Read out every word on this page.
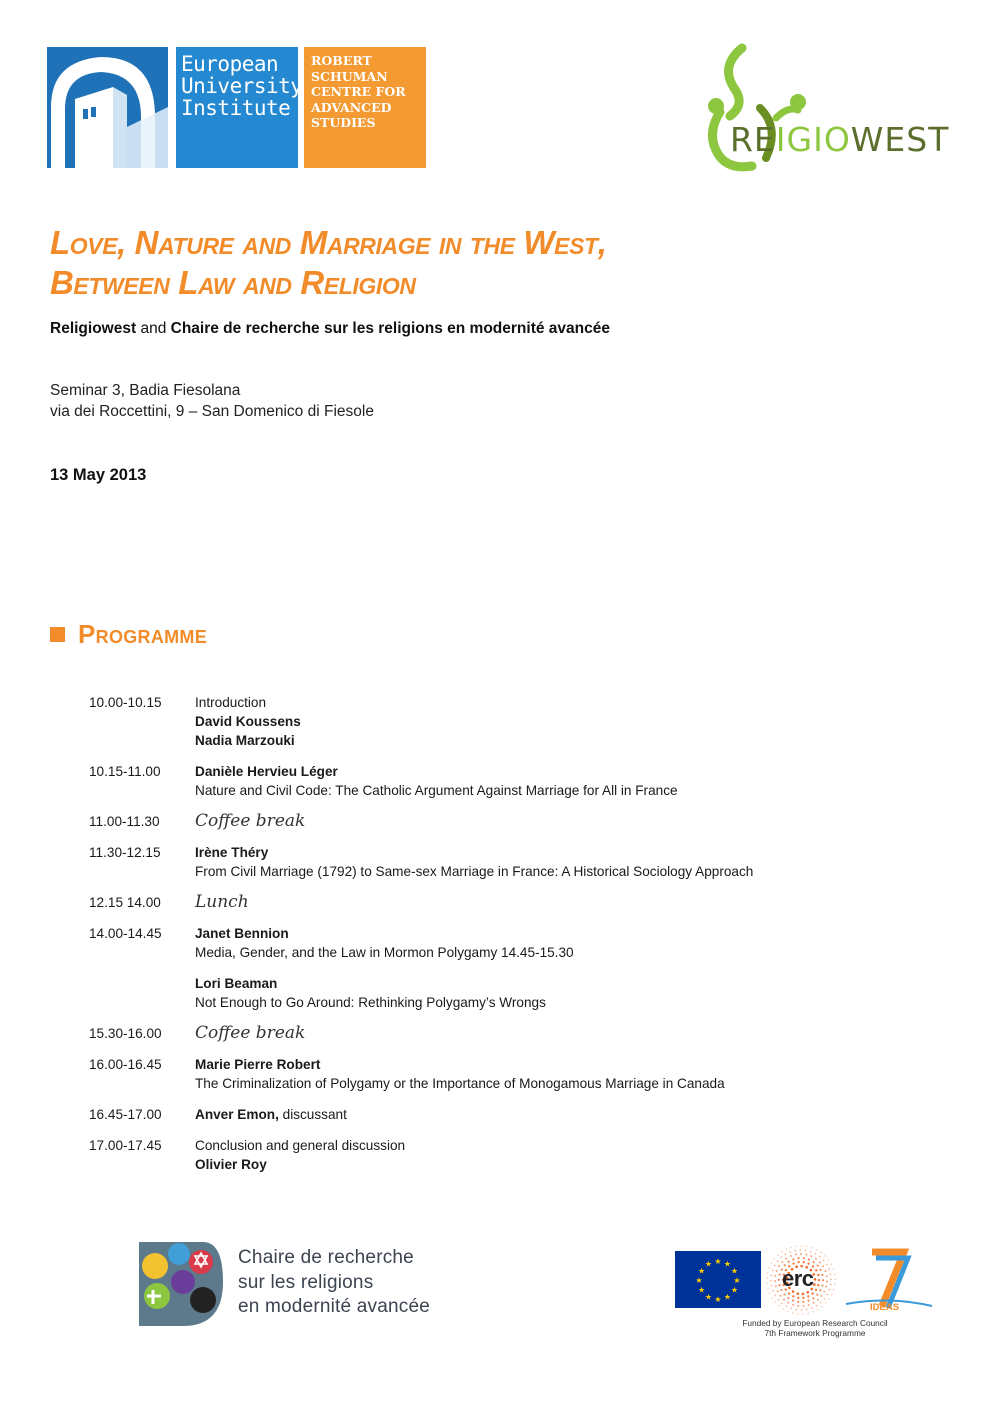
European
University
Institute
ROBERT
SCHUMAN
CENTRE FOR
ADVANCED
STUDIES	REIGIOWEST
Love, Nature and Marriage in the West,
Between Law and Religion
Religiowest and Chaire de recherche sur les religions en modernité avancée
Seminar 3, Badia Fiesolana
via dei Roccettini, 9 – San Domenico di Fiesole
13 May 2013
Programme
10.00-10.15	Introduction
David Koussens
Nadia Marzouki
10.15-11.00	Danièle Hervieu Léger
Nature and Civil Code: The Catholic Argument Against Marriage for All in France
11.00-11.30	Coffee break
11.30-12.15	Irène Théry
From Civil Marriage (1792) to Same-sex Marriage in France: A Historical Sociology Approach
12.15 14.00	Lunch
14.00-14.45	Janet Bennion
Media, Gender, and the Law in Mormon Polygamy 14.45-15.30
Lori Beaman
Not Enough to Go Around: Rethinking Polygamy’s Wrongs
15.30-16.00	Coffee break
16.00-16.45	Marie Pierre Robert
The Criminalization of Polygamy or the Importance of Monogamous Marriage in Canada
16.45-17.00	Anver Emon, discussant
17.00-17.45	Conclusion and general discussion
Olivier Roy
Chaire de recherche
sur les religions
en modernité avancée
★ ★
★
★
★
★
★
★
★
★
★
★
erc
IDEAS
Funded by European Research Council
7th Framework Programme
